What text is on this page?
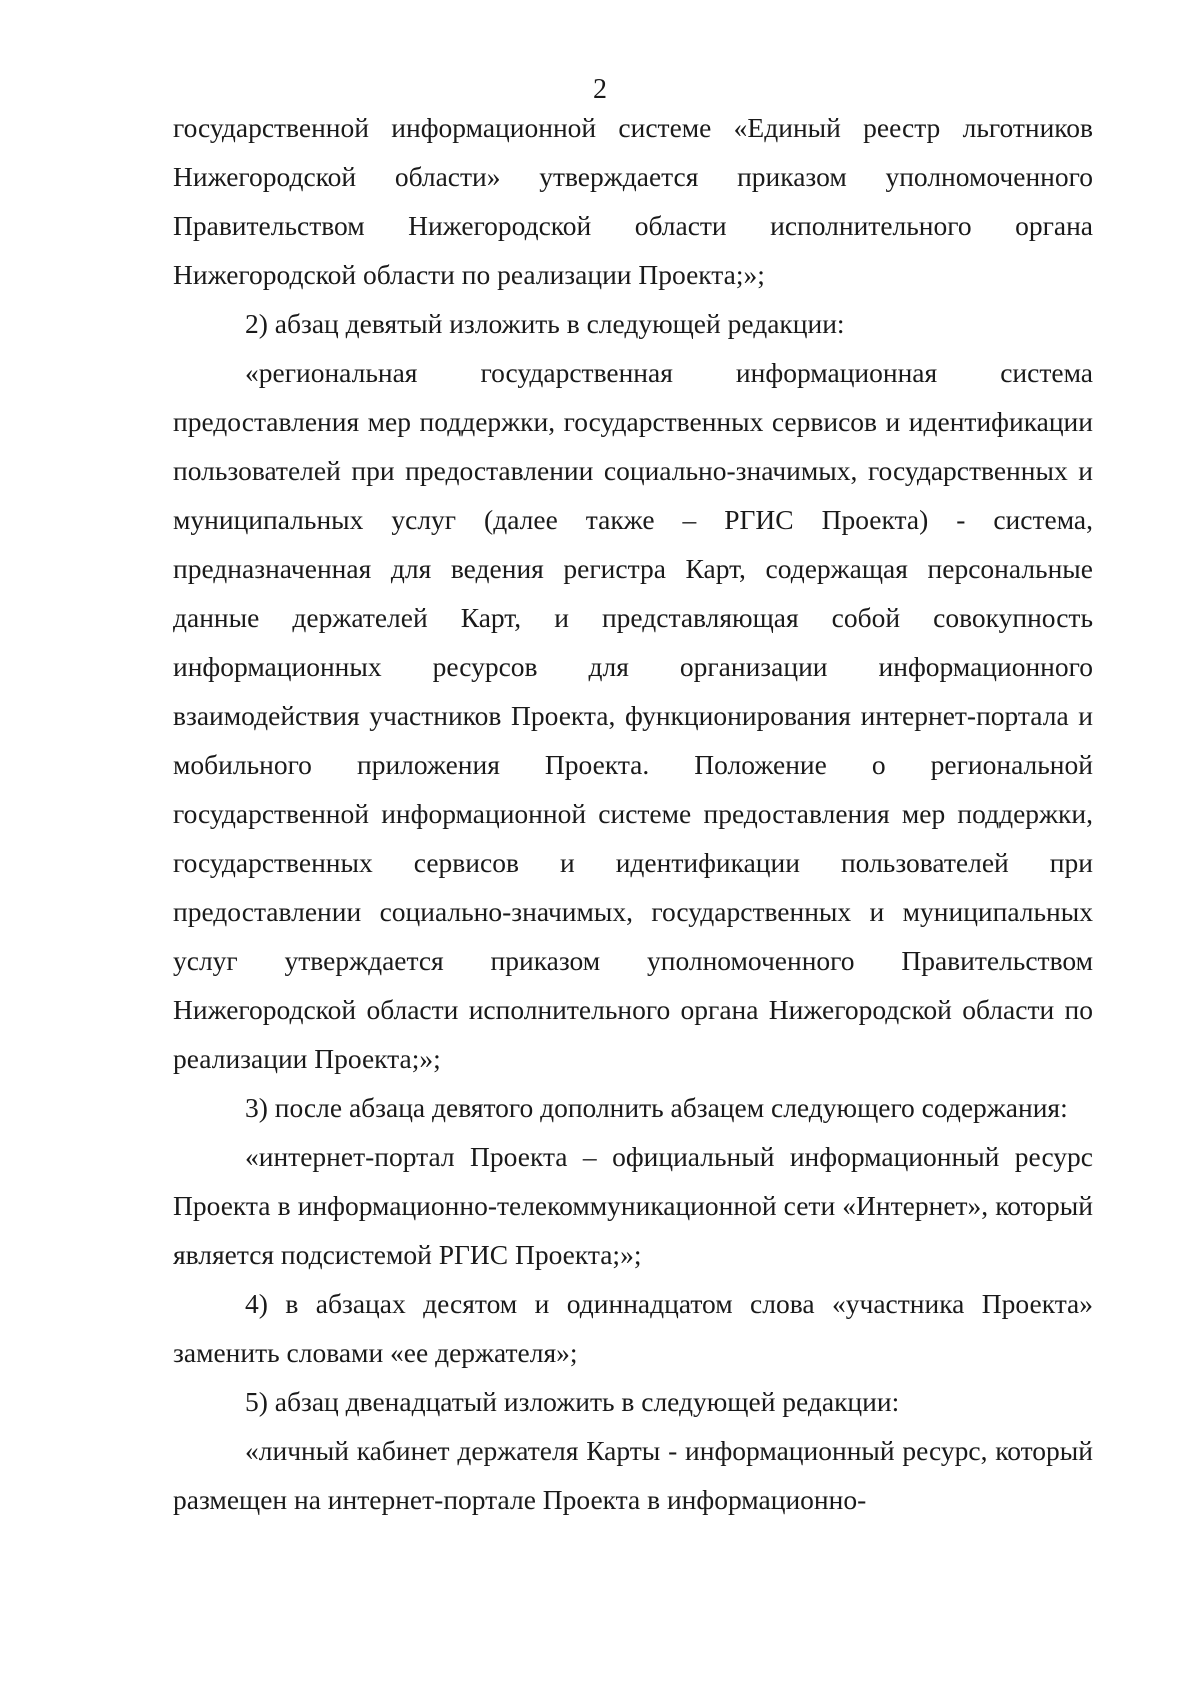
2

государственной информационной системе «Единый реестр льготников Нижегородской области» утверждается приказом уполномоченного Правительством Нижегородской области исполнительного органа Нижегородской области по реализации Проекта;»;

2) абзац девятый изложить в следующей редакции:

«региональная государственная информационная система предоставления мер поддержки, государственных сервисов и идентификации пользователей при предоставлении социально-значимых, государственных и муниципальных услуг (далее также – РГИС Проекта) - система, предназначенная для ведения регистра Карт, содержащая персональные данные держателей Карт, и представляющая собой совокупность информационных ресурсов для организации информационного взаимодействия участников Проекта, функционирования интернет-портала и мобильного приложения Проекта. Положение о региональной государственной информационной системе предоставления мер поддержки, государственных сервисов и идентификации пользователей при предоставлении социально-значимых, государственных и муниципальных услуг утверждается приказом уполномоченного Правительством Нижегородской области исполнительного органа Нижегородской области по реализации Проекта;»;

3) после абзаца девятого дополнить абзацем следующего содержания:

«интернет-портал Проекта – официальный информационный ресурс Проекта в информационно-телекоммуникационной сети «Интернет», который является подсистемой РГИС Проекта;»;

4) в абзацах десятом и одиннадцатом слова «участника Проекта» заменить словами «ее держателя»;

5) абзац двенадцатый изложить в следующей редакции:

«личный кабинет держателя Карты - информационный ресурс, который размещен на интернет-портале Проекта в информационно-
